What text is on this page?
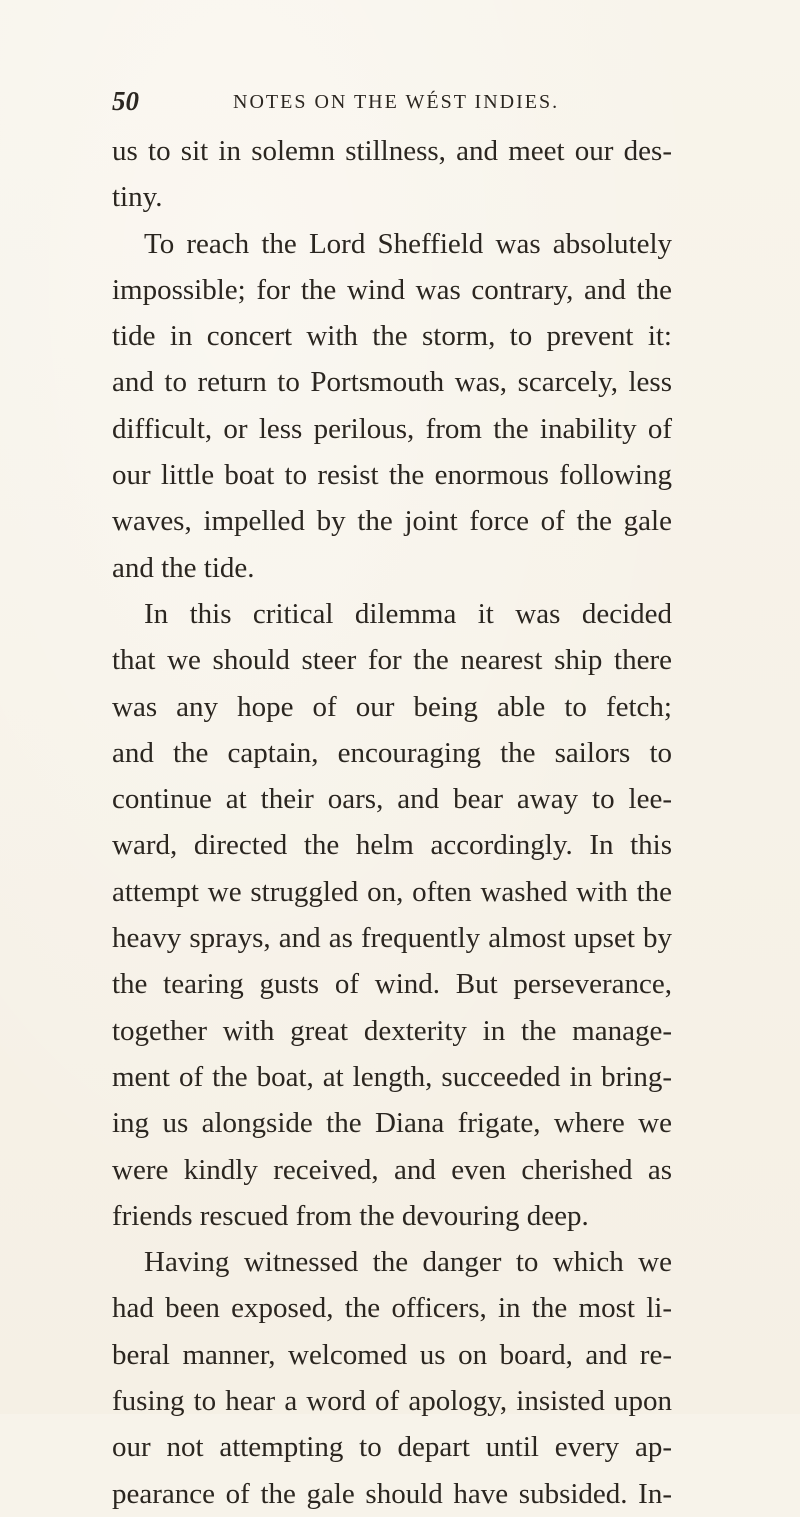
50	NOTES ON THE WÉST INDIES.
us to sit in solemn stillness, and meet our des-
tiny.
To reach the Lord Sheffield was absolutely
impossible; for the wind was contrary, and the
tide in concert with the storm, to prevent it:
and to return to Portsmouth was, scarcely, less
difficult, or less perilous, from the inability of
our little boat to resist the enormous following
waves, impelled by the joint force of the gale
and the tide.
In this critical dilemma it was decided
that we should steer for the nearest ship there
was any hope of our being able to fetch;
and the captain, encouraging the sailors to
continue at their oars, and bear away to lee-
ward, directed the helm accordingly. In this
attempt we struggled on, often washed with the
heavy sprays, and as frequently almost upset by
the tearing gusts of wind. But perseverance,
together with great dexterity in the manage-
ment of the boat, at length, succeeded in bring-
ing us alongside the Diana frigate, where we
were kindly received, and even cherished as
friends rescued from the devouring deep.
Having witnessed the danger to which we
had been exposed, the officers, in the most li-
beral manner, welcomed us on board, and re-
fusing to hear a word of apology, insisted upon
our not attempting to depart until every ap-
pearance of the gale should have subsided. In-
